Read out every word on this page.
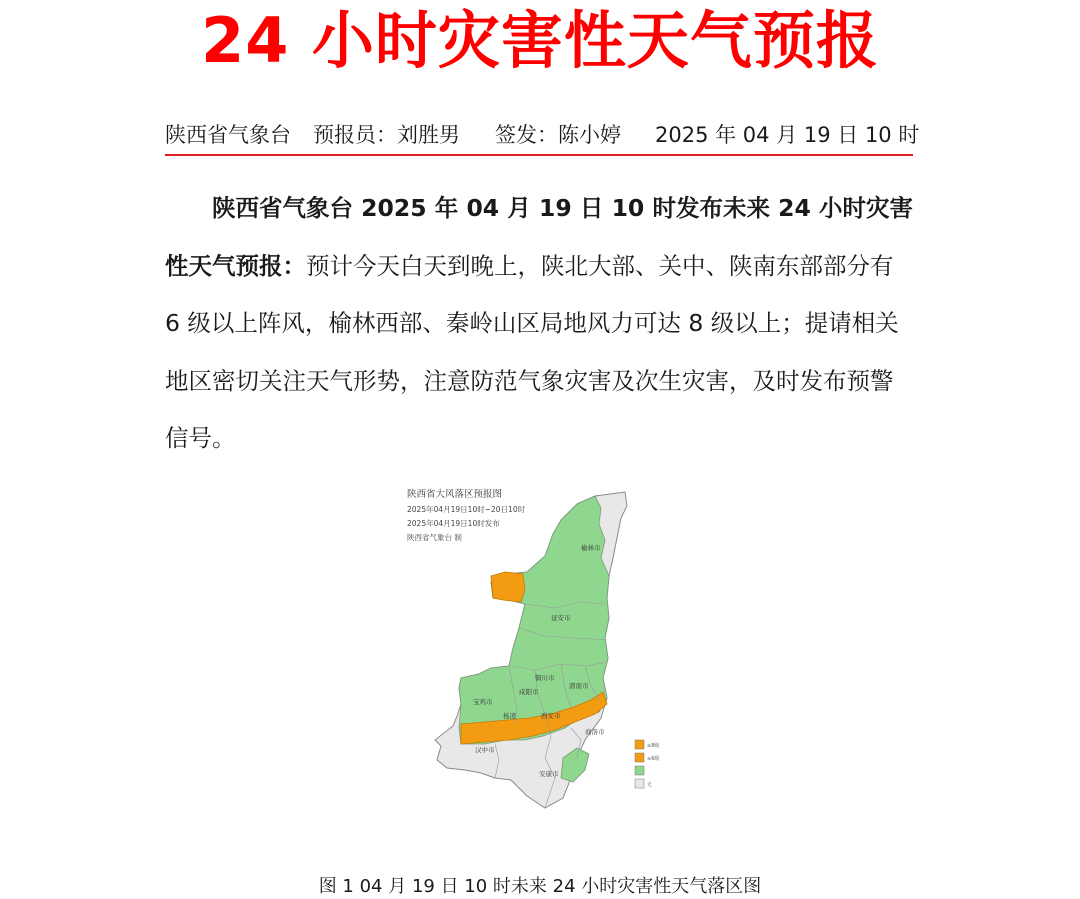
24 小时灾害性天气预报
陕西省气象台 预报员：刘胜男 签发：陈小婷 2025 年 04 月 19 日 10 时

陕西省气象台 2025 年 04 月 19 日 10 时发布未来 24 小时灾害性天气预报：预计今天白天到晚上，陕北大部、关中、陕南东部部分有 6 级以上阵风，榆林西部、秦岭山区局地风力可达 8 级以上；提请相关地区密切关注天气形势，注意防范气象灾害及次生灾害，及时发布预警信号。

陕西省大风落区预报图
2025年04月19日10时~20日10时
2025年04月19日10时发布
陕西省气象台 制
榆林市
延安市
铜川市
渭南市
咸阳市
宝鸡市
杨凌	西安市
商洛市
汉中市
安康市
≥8级
≥6级
无
图 1 04 月 19 日 10 时未来 24 小时灾害性天气落区图
